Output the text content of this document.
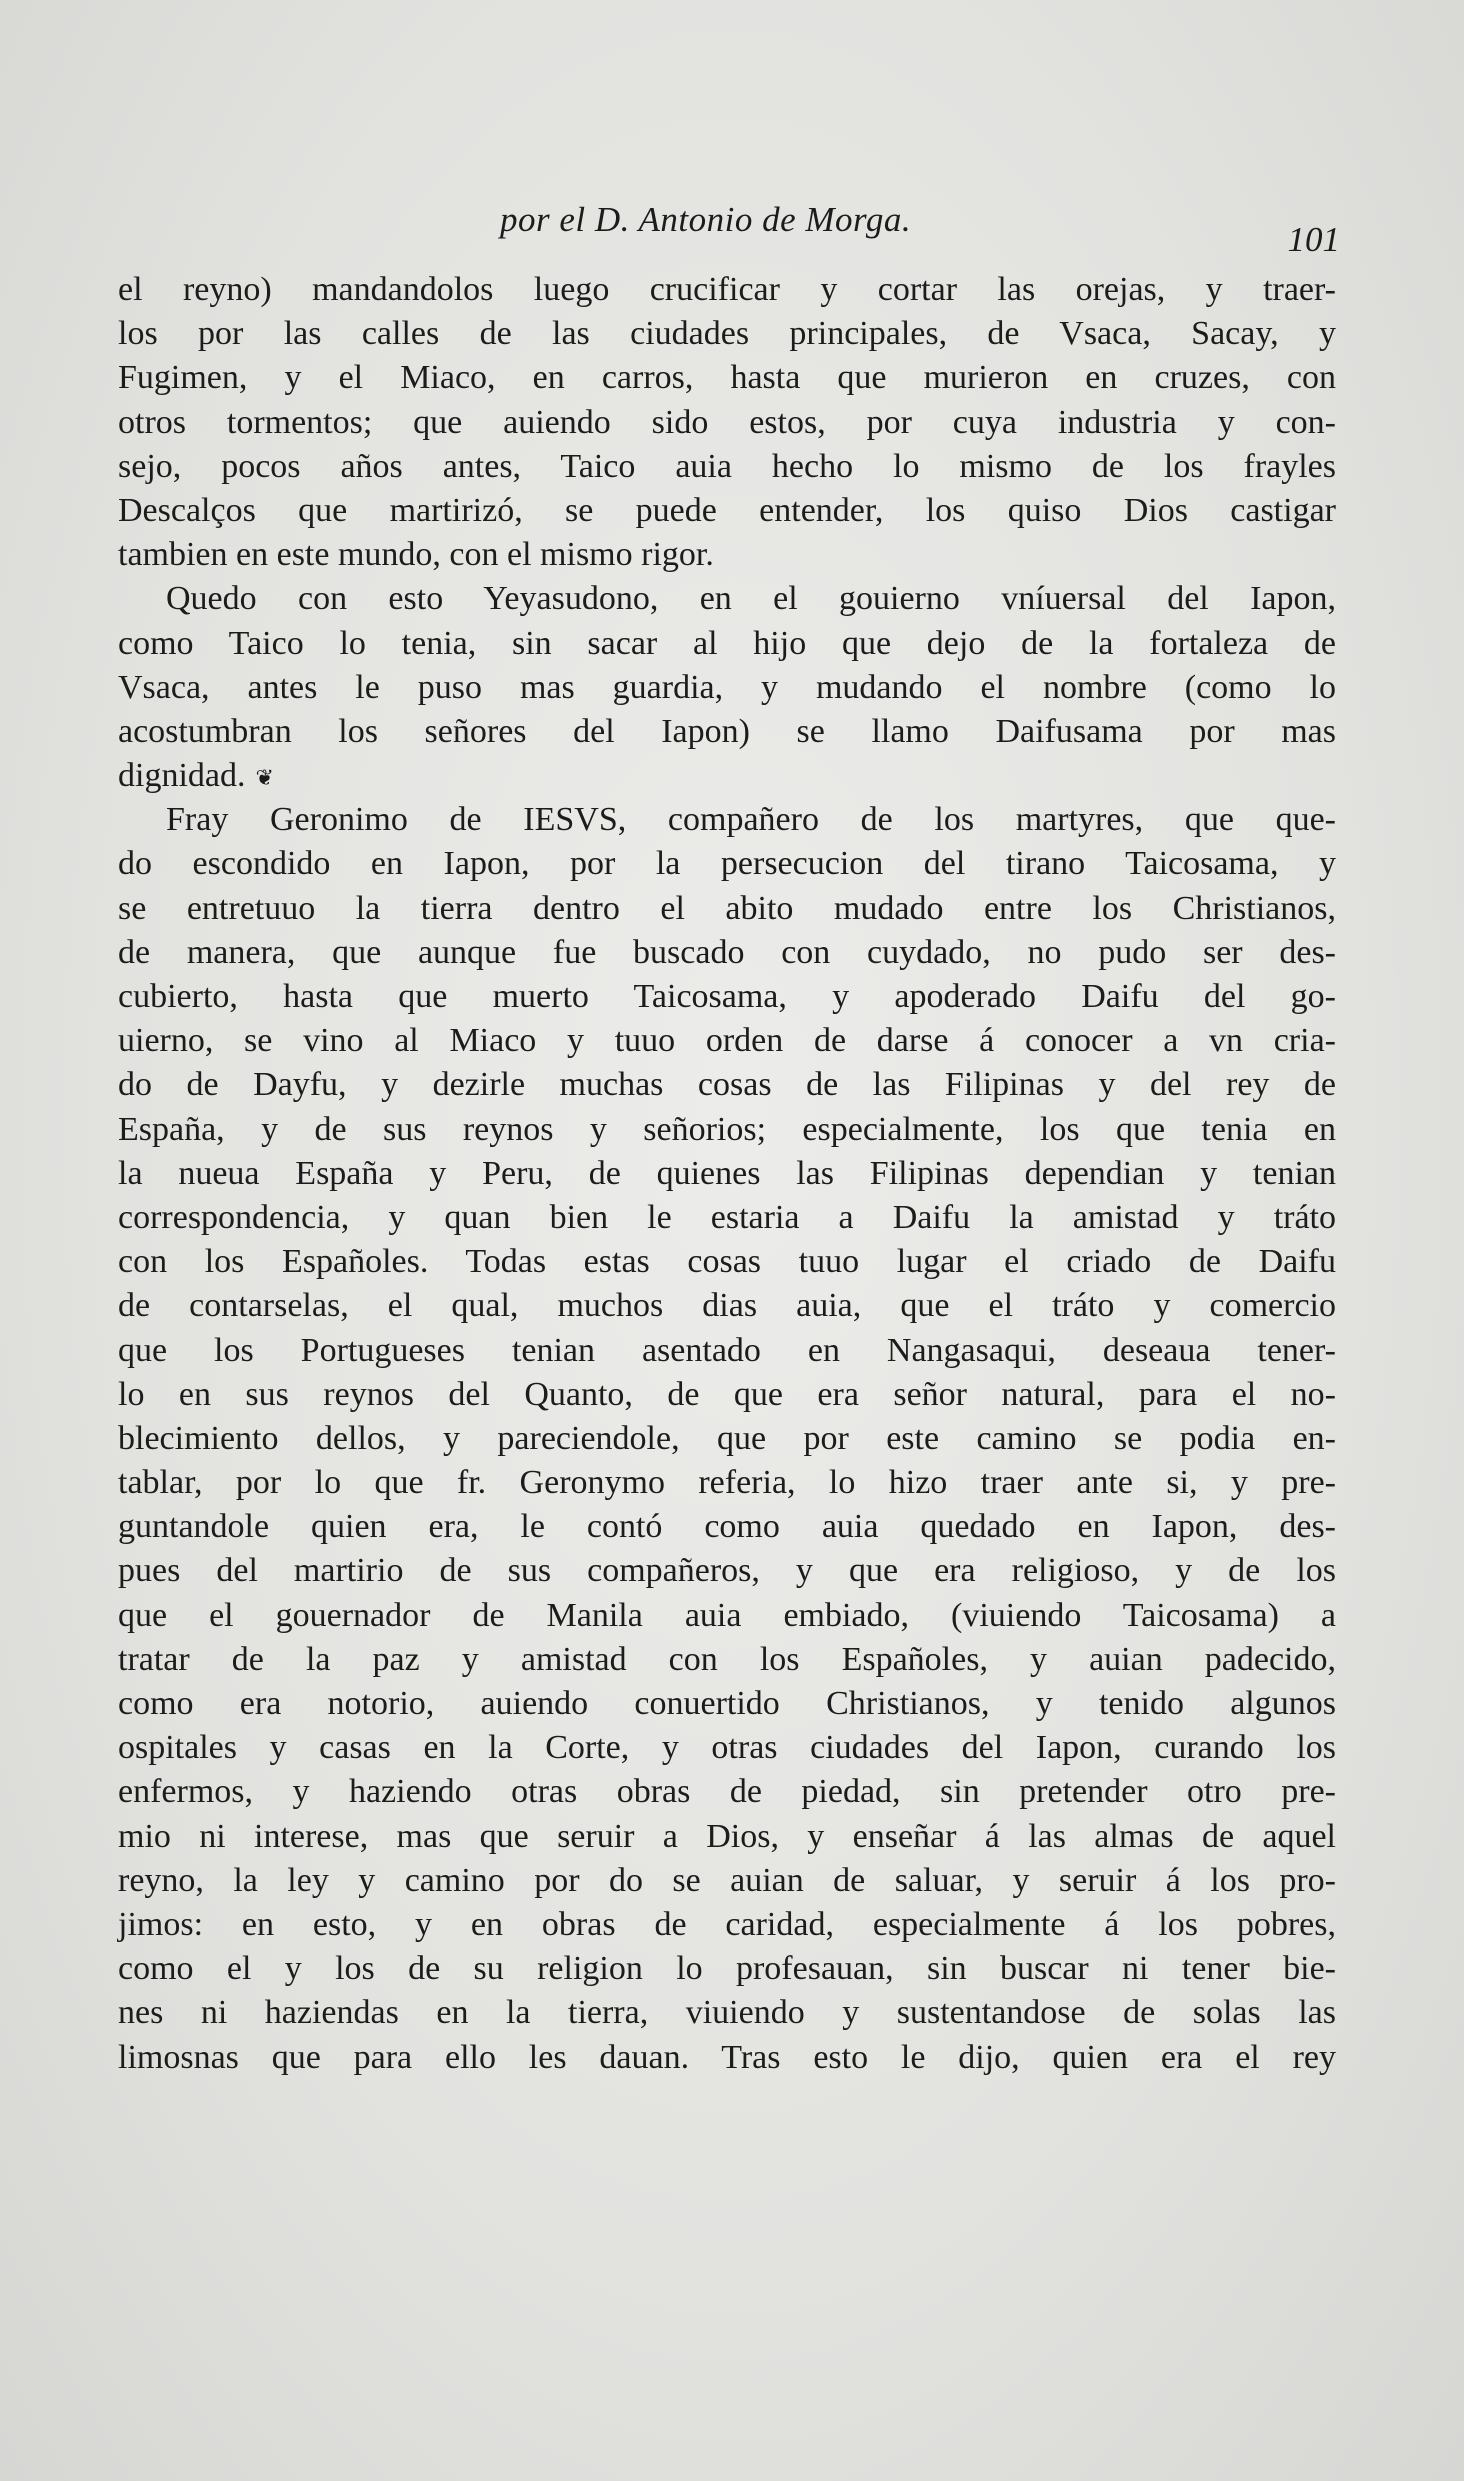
por el D. Antonio de Morga.
101
el reyno) mandandolos luego crucificar y cortar las orejas, y traer-
los por las calles de las ciudades principales, de Vsaca, Sacay, y
Fugimen, y el Miaco, en carros, hasta que murieron en cruzes, con
otros tormentos; que auiendo sido estos, por cuya industria y con-
sejo, pocos años antes, Taico auia hecho lo mismo de los frayles
Descalços que martirizó, se puede entender, los quiso Dios castigar
tambien en este mundo, con el mismo rigor.
Quedo con esto Yeyasudono, en el gouierno vníuersal del Iapon,
como Taico lo tenia, sin sacar al hijo que dejo de la fortaleza de
Vsaca, antes le puso mas guardia, y mudando el nombre (como lo
acostumbran los señores del Iapon) se llamo Daifusama por mas
dignidad. ❦
Fray Geronimo de IESVS, compañero de los martyres, que que-
do escondido en Iapon, por la persecucion del tirano Taicosama, y
se entretuuo la tierra dentro el abito mudado entre los Christianos,
de manera, que aunque fue buscado con cuydado, no pudo ser des-
cubierto, hasta que muerto Taicosama, y apoderado Daifu del go-
uierno, se vino al Miaco y tuuo orden de darse á conocer a vn cria-
do de Dayfu, y dezirle muchas cosas de las Filipinas y del rey de
España, y de sus reynos y señorios; especialmente, los que tenia en
la nueua España y Peru, de quienes las Filipinas dependian y tenian
correspondencia, y quan bien le estaria a Daifu la amistad y tráto
con los Españoles. Todas estas cosas tuuo lugar el criado de Daifu
de contarselas, el qual, muchos dias auia, que el tráto y comercio
que los Portugueses tenian asentado en Nangasaqui, deseaua tener-
lo en sus reynos del Quanto, de que era señor natural, para el no-
blecimiento dellos, y pareciendole, que por este camino se podia en-
tablar, por lo que fr. Geronymo referia, lo hizo traer ante si, y pre-
guntandole quien era, le contó como auia quedado en Iapon, des-
pues del martirio de sus compañeros, y que era religioso, y de los
que el gouernador de Manila auia embiado, (viuiendo Taicosama) a
tratar de la paz y amistad con los Españoles, y auian padecido,
como era notorio, auiendo conuertido Christianos, y tenido algunos
ospitales y casas en la Corte, y otras ciudades del Iapon, curando los
enfermos, y haziendo otras obras de piedad, sin pretender otro pre-
mio ni interese, mas que seruir a Dios, y enseñar á las almas de aquel
reyno, la ley y camino por do se auian de saluar, y seruir á los pro-
jimos: en esto, y en obras de caridad, especialmente á los pobres,
como el y los de su religion lo profesauan, sin buscar ni tener bie-
nes ni haziendas en la tierra, viuiendo y sustentandose de solas las
limosnas que para ello les dauan. Tras esto le dijo, quien era el rey
